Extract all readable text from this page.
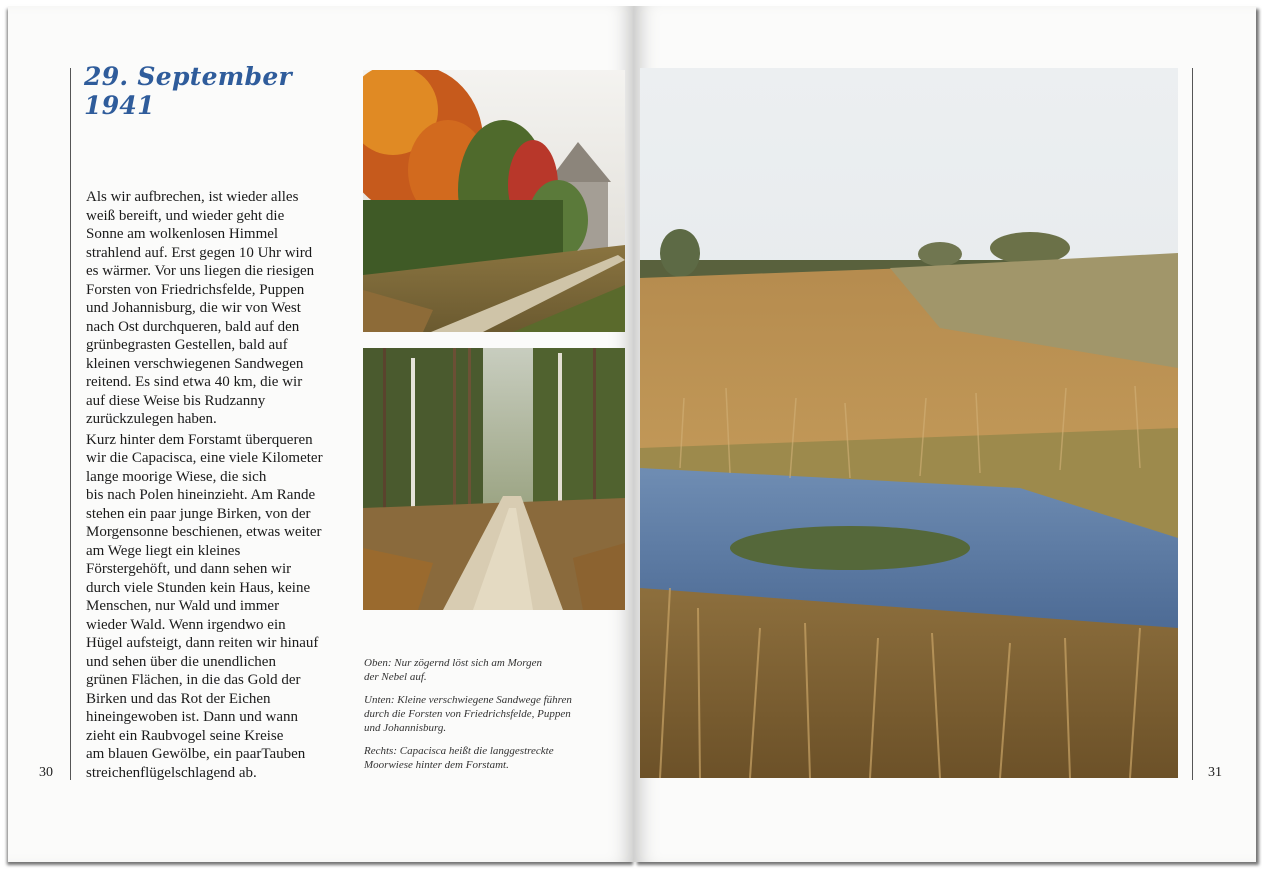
29. September 1941

Als wir aufbrechen, ist wieder alles
weiß bereift, und wieder geht die
Sonne am wolkenlosen Himmel
strahlend auf. Erst gegen 10 Uhr wird
es wärmer. Vor uns liegen die riesigen
Forsten von Friedrichsfelde, Puppen
und Johannisburg, die wir von West
nach Ost durchqueren, bald auf den
grünbegrasten Gestellen, bald auf
kleinen verschwiegenen Sandwegen
reitend. Es sind etwa 40 km, die wir
auf diese Weise bis Rudzanny
zurückzulegen haben.

Kurz hinter dem Forstamt überqueren
wir die Capacisca, eine viele Kilometer
lange moorige Wiese, die sich
bis nach Polen hineinzieht. Am Rande
stehen ein paar junge Birken, von der
Morgensonne beschienen, etwas weiter
am Wege liegt ein kleines
Förstergehöft, und dann sehen wir
durch viele Stunden kein Haus, keine
Menschen, nur Wald und immer
wieder Wald. Wenn irgendwo ein
Hügel aufsteigt, dann reiten wir hinauf
und sehen über die unendlichen
grünen Flächen, in die das Gold der
Birken und das Rot der Eichen
hineingewoben ist. Dann und wann
zieht ein Raubvogel seine Kreise
am blauen Gewölbe, ein paarTauben
streichenflügelschlagend ab.

Oben: Nur zögernd löst sich am Morgen
der Nebel auf.
Unten: Kleine verschwiegene Sandwege führen
durch die Forsten von Friedrichsfelde, Puppen
und Johannisburg.
Rechts: Capacisca heißt die langgestreckte
Moorwiese hinter dem Forstamt.
30	31
